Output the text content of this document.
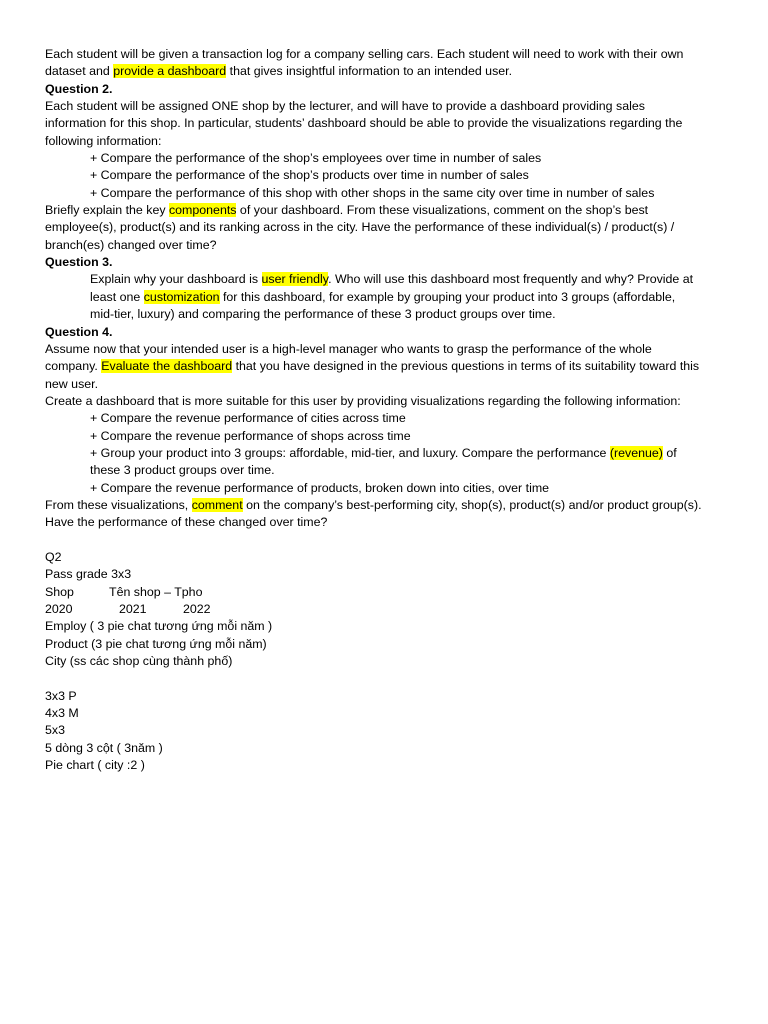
Each student will be given a transaction log for a company selling cars. Each student will need to work with their own
dataset and provide a dashboard that gives insightful information to an intended user.
Question 2.
Each student will be assigned ONE shop by the lecturer, and will have to provide a dashboard providing sales
information for this shop. In particular, students’ dashboard should be able to provide the visualizations regarding the
following information:
+ Compare the performance of the shop’s employees over time in number of sales
+ Compare the performance of the shop’s products over time in number of sales
+ Compare the performance of this shop with other shops in the same city over time in number of sales
Briefly explain the key components of your dashboard. From these visualizations, comment on the shop’s best
employee(s), product(s) and its ranking across in the city. Have the performance of these individual(s) / product(s) /
branch(es) changed over time?
Question 3.
Explain why your dashboard is user friendly. Who will use this dashboard most frequently and why? Provide at
least one customization for this dashboard, for example by grouping your product into 3 groups (affordable,
mid-tier, luxury) and comparing the performance of these 3 product groups over time.
Question 4.
Assume now that your intended user is a high-level manager who wants to grasp the performance of the whole
company. Evaluate the dashboard that you have designed in the previous questions in terms of its suitability toward this
new user.
Create a dashboard that is more suitable for this user by providing visualizations regarding the following information:
+ Compare the revenue performance of cities across time
+ Compare the revenue performance of shops across time
+ Group your product into 3 groups: affordable, mid-tier, and luxury. Compare the performance (revenue) of
these 3 product groups over time.
+ Compare the revenue performance of products, broken down into cities, over time
From these visualizations, comment on the company’s best-performing city, shop(s), product(s) and/or product group(s).
Have the performance of these changed over time?
Q2
Pass grade 3x3
Shop	Tên shop – Tpho
2020	2021	2022
Employ ( 3 pie chat tương ứng mỗi năm )
Product (3 pie chat tương ứng mỗi năm)
City (ss các shop cùng thành phố)
3x3 P
4x3 M
5x3
5 dòng 3 cột ( 3năm )
Pie chart ( city :2 )
